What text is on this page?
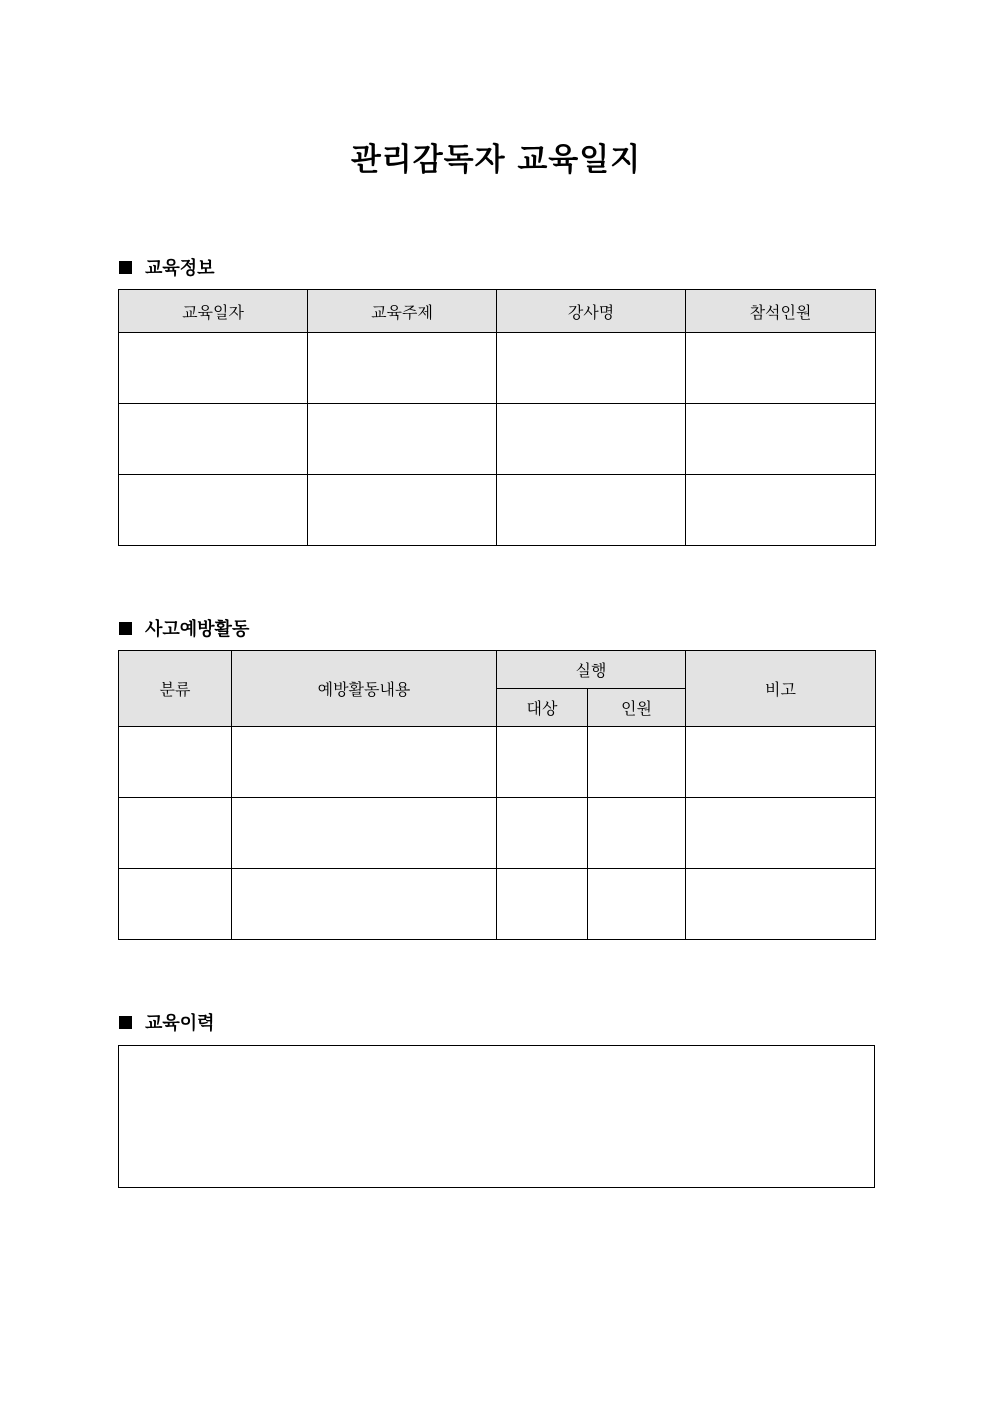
관리감독자 교육일지
교육정보
교육일자	교육주제	강사명	참석인원

사고예방활동
분류	예방활동내용	실행		비고
		대상	인원	

교육이력
